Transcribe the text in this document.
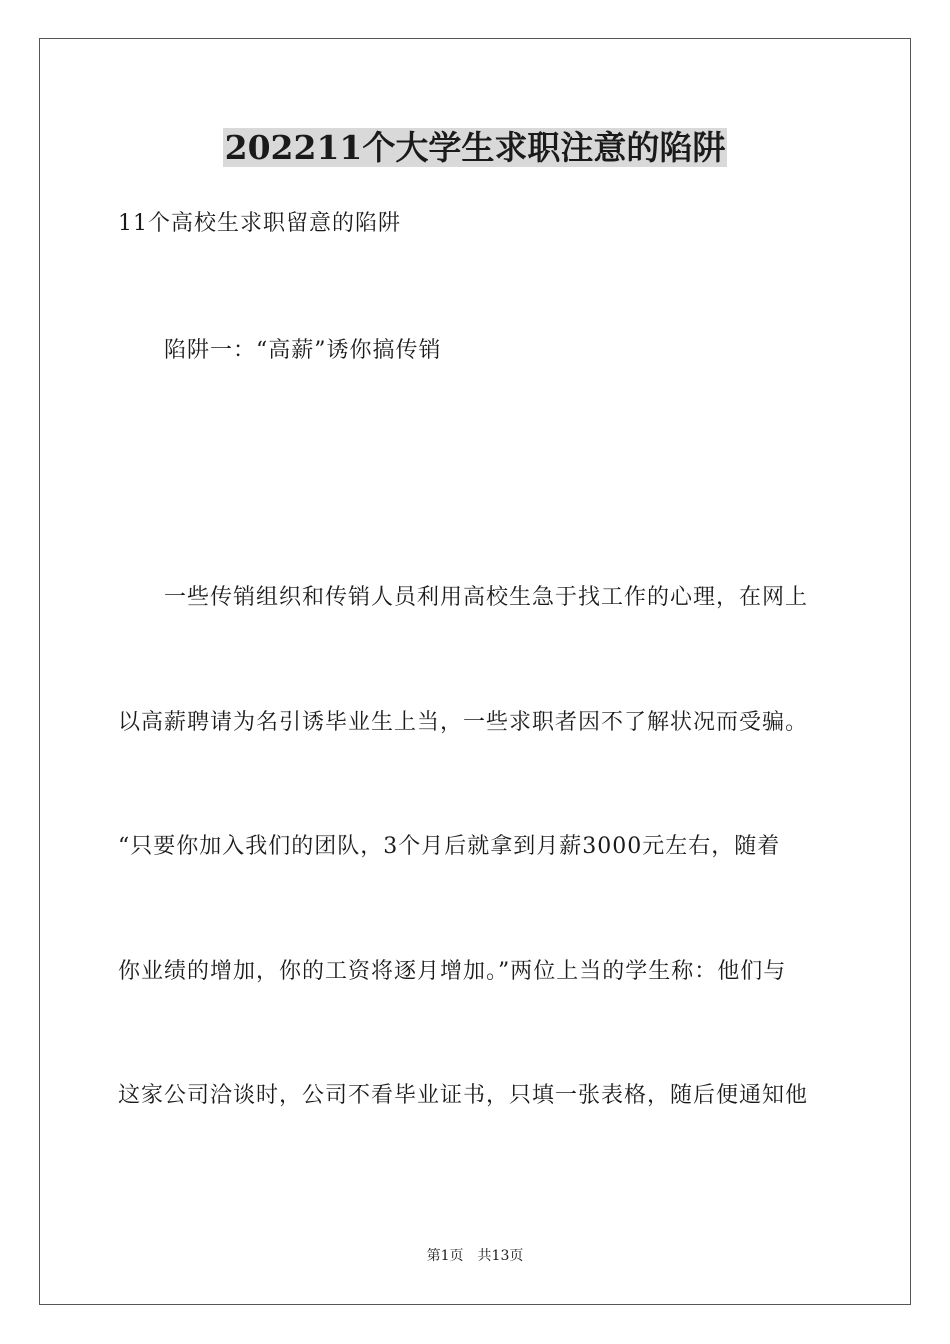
202211个大学生求职注意的陷阱

11个高校生求职留意的陷阱

陷阱一：“高薪”诱你搞传销

一些传销组织和传销人员利用高校生急于找工作的心理，在网上

以高薪聘请为名引诱毕业生上当，一些求职者因不了解状况而受骗。

“只要你加入我们的团队，3个月后就拿到月薪3000元左右，随着

你业绩的增加，你的工资将逐月增加。”两位上当的学生称：他们与

这家公司洽谈时，公司不看毕业证书，只填一张表格，随后便通知他

第1页 共13页
